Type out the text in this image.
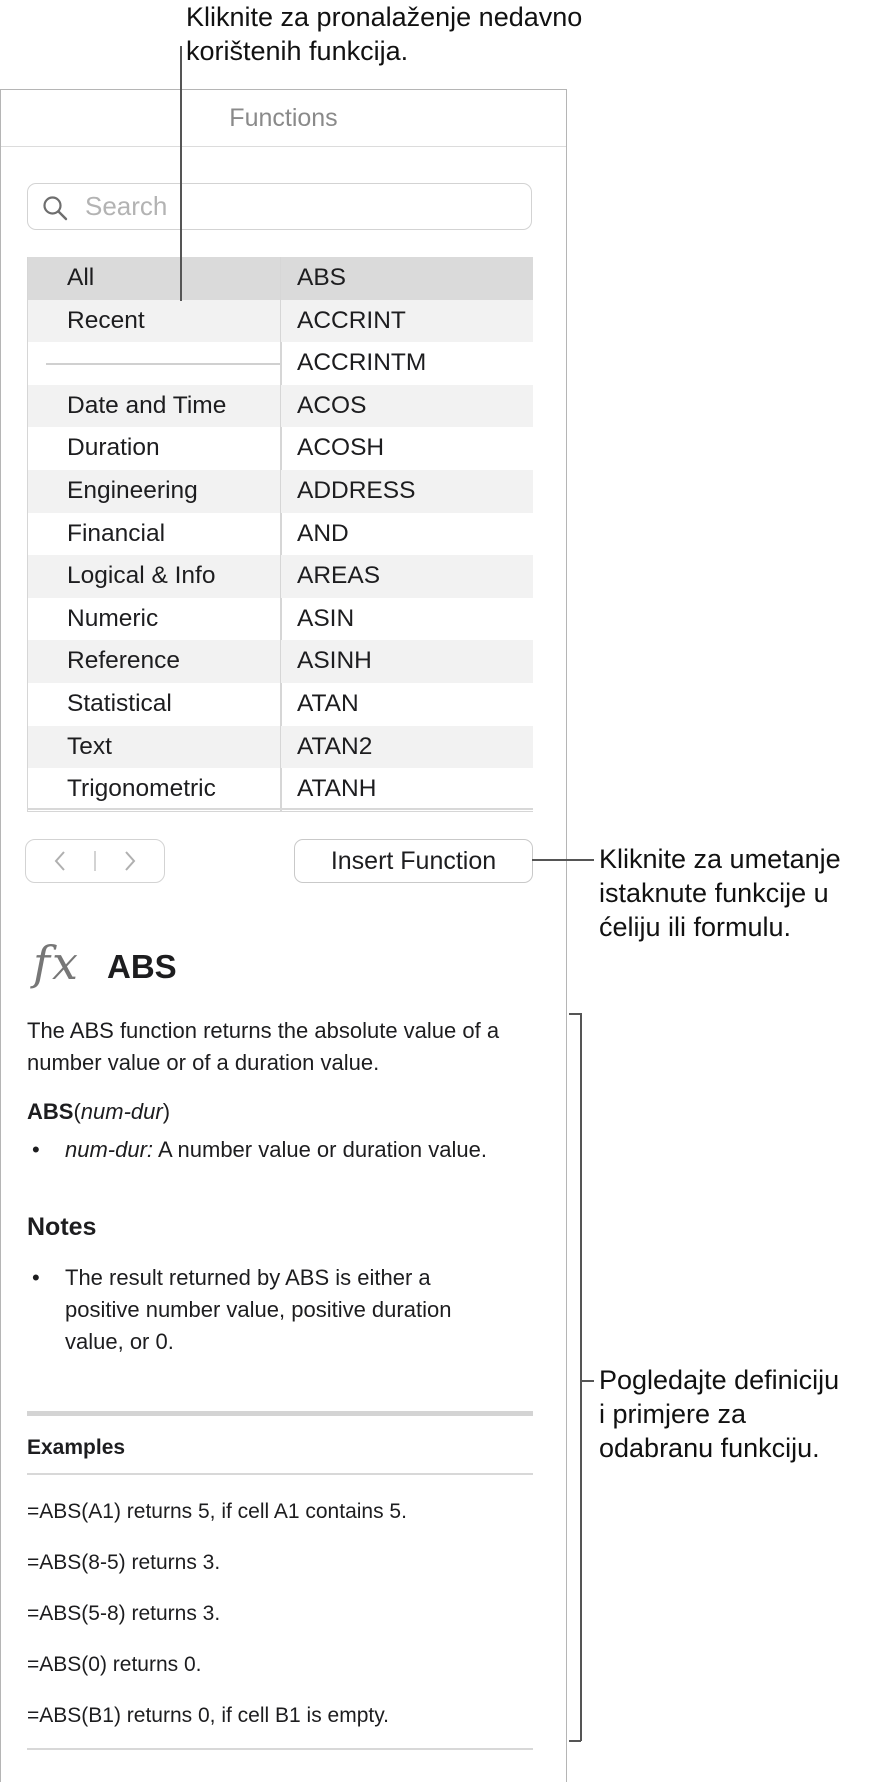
Kliknite za pronalaženje nedavno
korištenih funkcija.
Kliknite za umetanje
istaknute funkcije u
ćeliju ili formulu.
Pogledajte definiciju
i primjere za
odabranu funkciju.
Functions
Search
All
Recent
Date and Time
Duration
Engineering
Financial
Logical & Info
Numeric
Reference
Statistical
Text
Trigonometric
ABS
ACCRINT
ACCRINTM
ACOS
ACOSH
ADDRESS
AND
AREAS
ASIN
ASINH
ATAN
ATAN2
ATANH
Insert Function
fx ABS
The ABS function returns the absolute value of a number value or of a duration value.
ABS(num-dur)
• num-dur: A number value or duration value.
Notes
• The result returned by ABS is either a positive number value, positive duration value, or 0.
Examples
=ABS(A1) returns 5, if cell A1 contains 5.
=ABS(8-5) returns 3.
=ABS(5-8) returns 3.
=ABS(0) returns 0.
=ABS(B1) returns 0, if cell B1 is empty.
